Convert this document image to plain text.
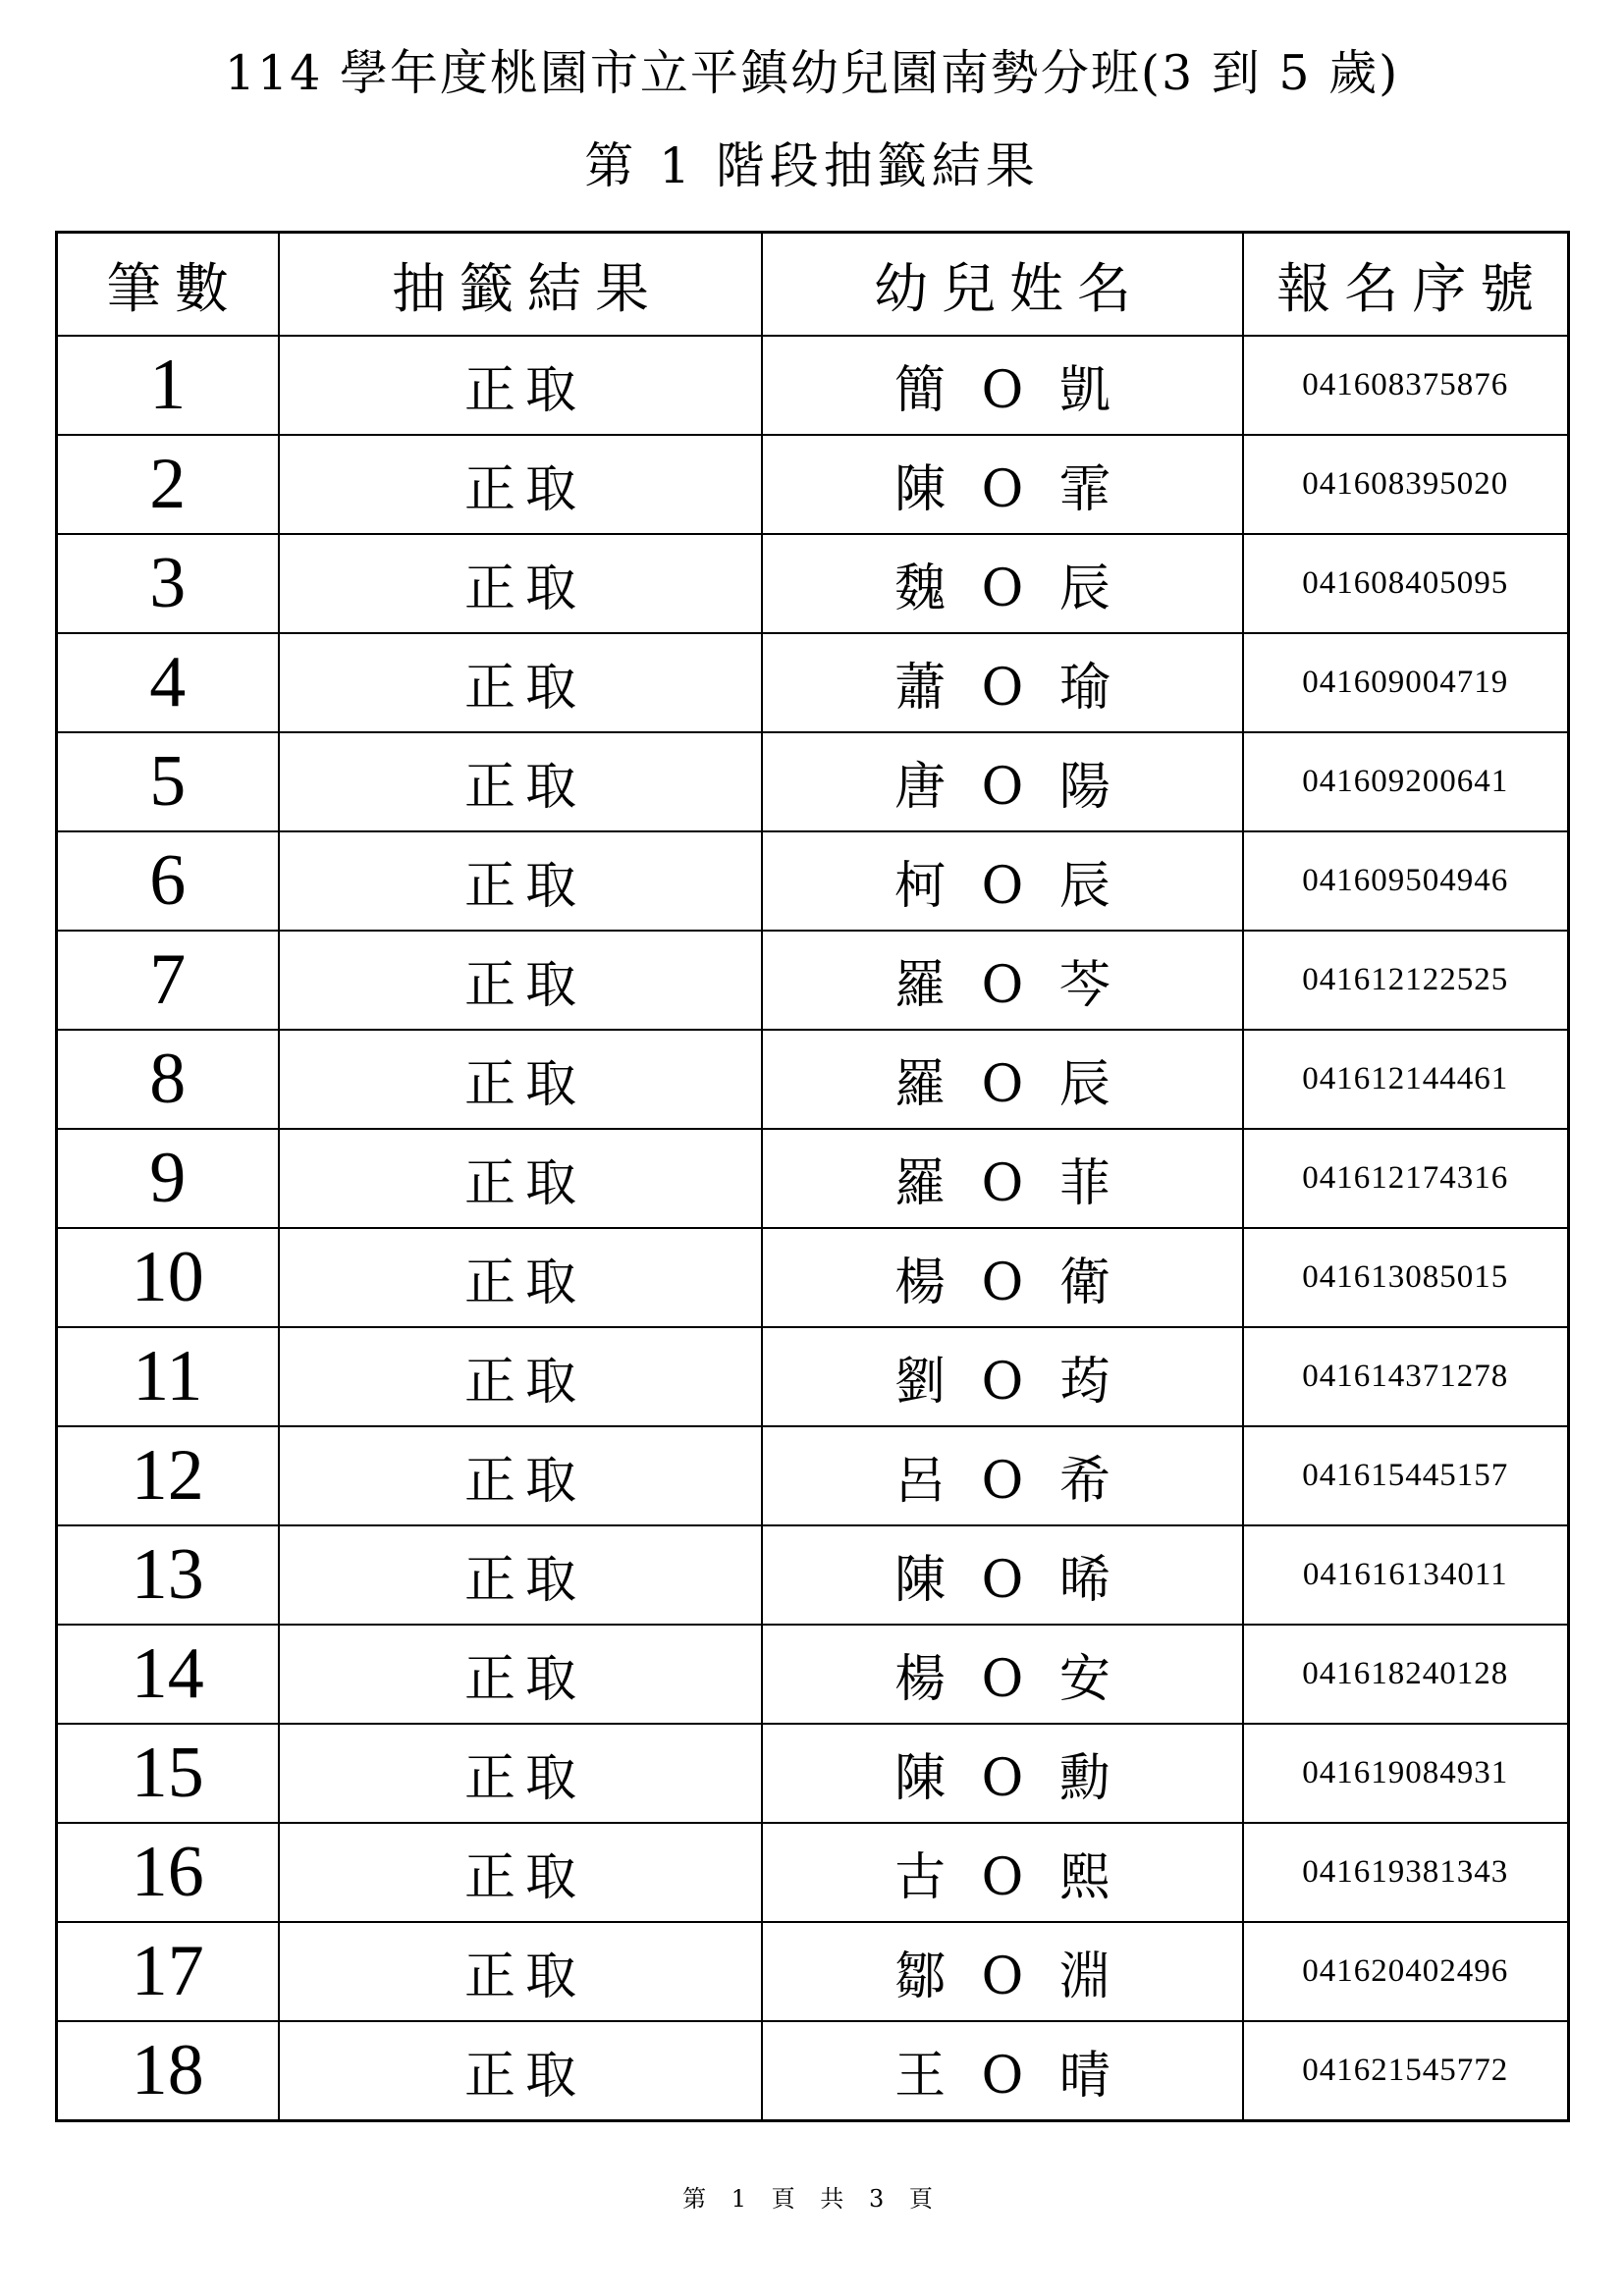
114 學年度桃園市立平鎮幼兒園南勢分班(3 到 5 歲)
第 1 階段抽籤結果
筆數	抽籤結果	幼兒姓名	報名序號
1	正取	簡 O 凱	041608375876
2	正取	陳 O 霏	041608395020
3	正取	魏 O 辰	041608405095
4	正取	蕭 O 瑜	041609004719
5	正取	唐 O 陽	041609200641
6	正取	柯 O 辰	041609504946
7	正取	羅 O 芩	041612122525
8	正取	羅 O 辰	041612144461
9	正取	羅 O 菲	041612174316
10	正取	楊 O 衛	041613085015
11	正取	劉 O 荺	041614371278
12	正取	呂 O 希	041615445157
13	正取	陳 O 晞	041616134011
14	正取	楊 O 安	041618240128
15	正取	陳 O 勳	041619084931
16	正取	古 O 熙	041619381343
17	正取	鄒 O 淵	041620402496
18	正取	王 O 晴	041621545772
第 1 頁 共 3 頁
